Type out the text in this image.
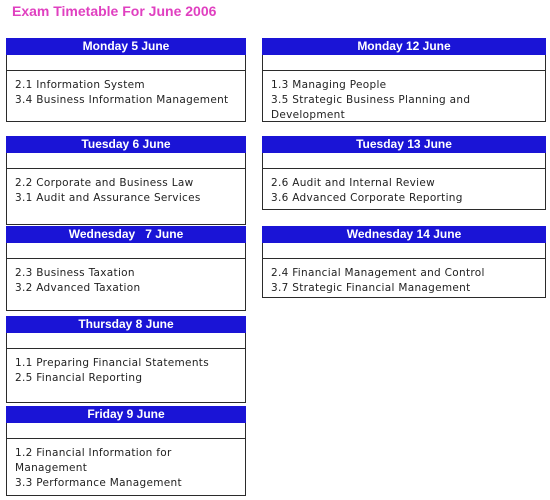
Exam Timetable For June 2006
Monday 5 June
2.1 Information System
3.4 Business Information Management
Tuesday 6 June
2.2 Corporate and Business Law
3.1 Audit and Assurance Services
Wednesday   7 June
2.3 Business Taxation
3.2 Advanced Taxation
Thursday 8 June
1.1 Preparing Financial Statements
2.5 Financial Reporting
Friday 9 June
1.2 Financial Information for Management
3.3 Performance Management
Monday 12 June
1.3 Managing People
3.5 Strategic Business Planning and Development
Tuesday 13 June
2.6 Audit and Internal Review
3.6 Advanced Corporate Reporting
Wednesday 14 June
2.4 Financial Management and Control
3.7 Strategic Financial Management
